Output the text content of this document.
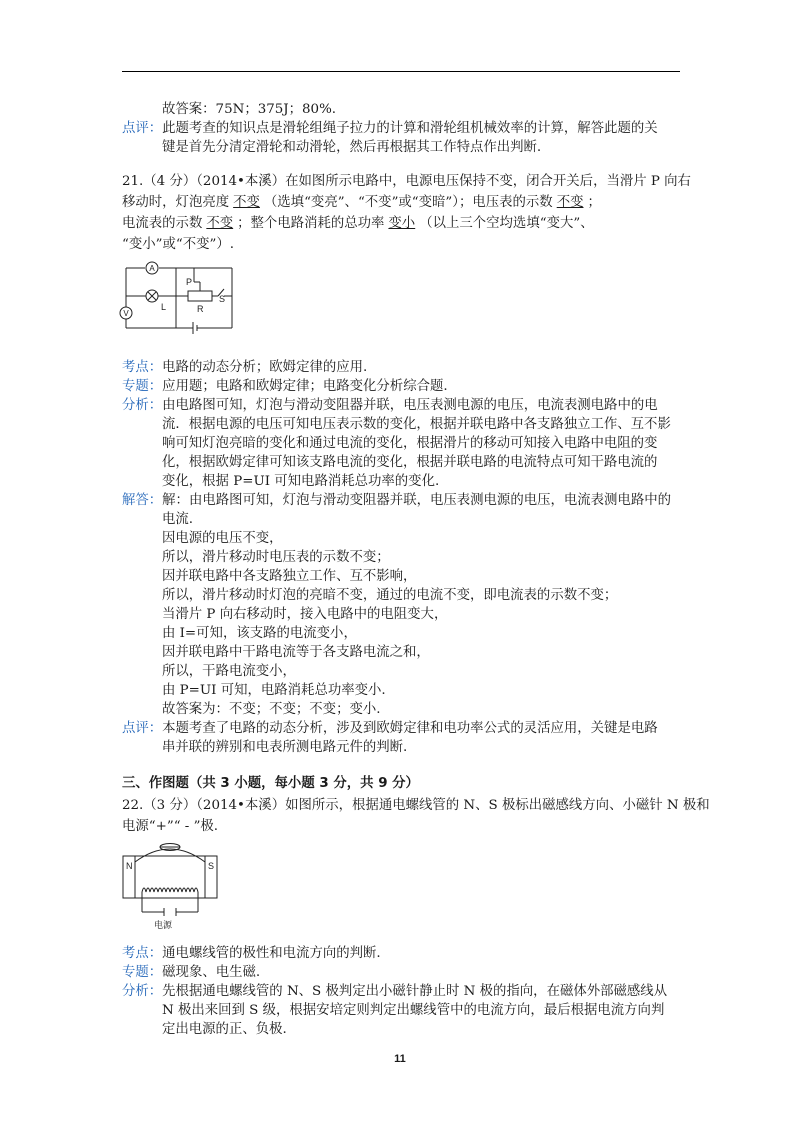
故答案：75N；375J；80%.
点评：此题考查的知识点是滑轮组绳子拉力的计算和滑轮组机械效率的计算，解答此题的关
键是首先分清定滑轮和动滑轮，然后再根据其工作特点作出判断.
21.（4 分）（2014•本溪）在如图所示电路中，电源电压保持不变，闭合开关后，当滑片 P 向右
移动时，灯泡亮度 不变 （选填“变亮”、“不变”或“变暗”）；电压表的示数 不变 ；
电流表的示数 不变 ；整个电路消耗的总功率 变小 （以上三个空均选填“变大”、
“变小”或“不变”）.
A
V
L
P
R
S
考点：电路的动态分析；欧姆定律的应用.
专题：应用题；电路和欧姆定律；电路变化分析综合题.
分析：由电路图可知，灯泡与滑动变阻器并联，电压表测电源的电压，电流表测电路中的电
流．根据电源的电压可知电压表示数的变化，根据并联电路中各支路独立工作、互不影
响可知灯泡亮暗的变化和通过电流的变化，根据滑片的移动可知接入电路中电阻的变
化，根据欧姆定律可知该支路电流的变化，根据并联电路的电流特点可知干路电流的
变化，根据 P=UI 可知电路消耗总功率的变化.
解答：解：由电路图可知，灯泡与滑动变阻器并联，电压表测电源的电压，电流表测电路中的
电流.
因电源的电压不变，
所以，滑片移动时电压表的示数不变；
因并联电路中各支路独立工作、互不影响，
所以，滑片移动时灯泡的亮暗不变，通过的电流不变，即电流表的示数不变；
当滑片 P 向右移动时，接入电路中的电阻变大，
由 I=可知，该支路的电流变小，
因并联电路中干路电流等于各支路电流之和，
所以，干路电流变小，
由 P=UI 可知，电路消耗总功率变小.
故答案为：不变；不变；不变；变小.
点评：本题考查了电路的动态分析，涉及到欧姆定律和电功率公式的灵活应用，关键是电路
串并联的辨别和电表所测电路元件的判断.
三、作图题（共 3 小题，每小题 3 分，共 9 分）
22.（3 分）（2014•本溪）如图所示，根据通电螺线管的 N、S 极标出磁感线方向、小磁针 N 极和
电源“+”“ - ”极.
N	S
电源
考点：通电螺线管的极性和电流方向的判断.
专题：磁现象、电生磁.
分析：先根据通电螺线管的 N、S 极判定出小磁针静止时 N 极的指向，在磁体外部磁感线从
N 极出来回到 S 级，根据安培定则判定出螺线管中的电流方向，最后根据电流方向判
定出电源的正、负极.
11
